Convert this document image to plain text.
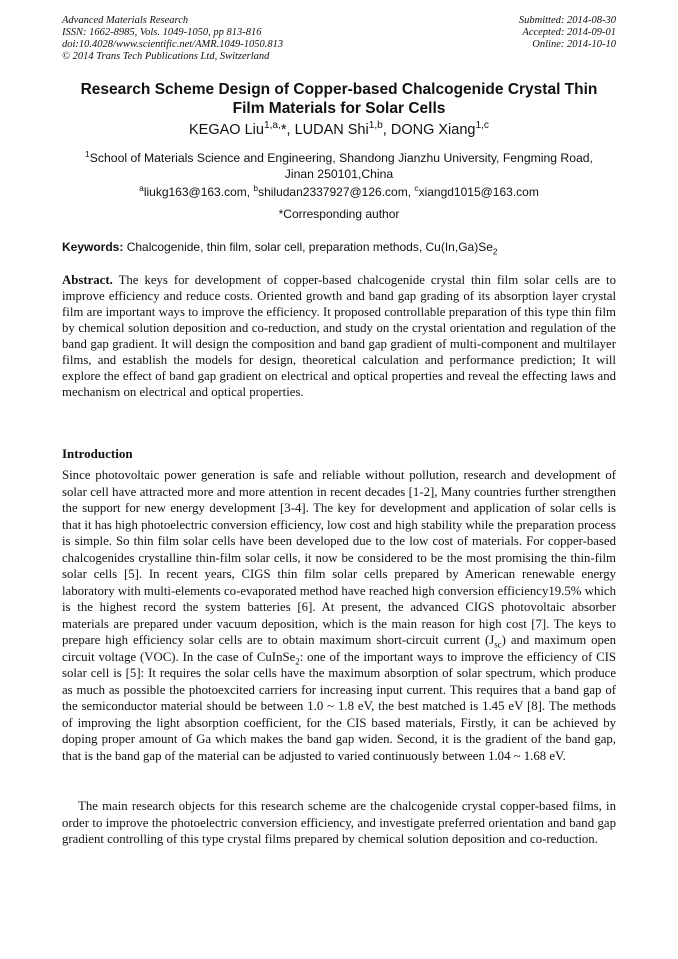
Advanced Materials Research
ISSN: 1662-8985, Vols. 1049-1050, pp 813-816
doi:10.4028/www.scientific.net/AMR.1049-1050.813
© 2014 Trans Tech Publications Ltd, Switzerland
Submitted: 2014-08-30
Accepted: 2014-09-01
Online: 2014-10-10
Research Scheme Design of Copper-based Chalcogenide Crystal Thin
Film Materials for Solar Cells
KEGAO Liu$^{1,a,}$*, LUDAN Shi$^{1,b}$, DONG Xiang$^{1,c}$
$^1$School of Materials Science and Engineering, Shandong Jianzhu University, Fengming Road,
Jinan 250101,China
$^a$liukg163@163.com, $^b$shiludan2337927@126.com, $^c$xiangd1015@163.com
*Corresponding author
Keywords: Chalcogenide, thin film, solar cell, preparation methods, $Cu(In,Ga)Se_2$
Abstract. The keys for development of copper-based chalcogenide crystal thin film solar cells are to improve efficiency and reduce costs. Oriented growth and band gap grading of its absorption layer crystal film are important ways to improve the efficiency. It proposed controllable preparation of this type thin film by chemical solution deposition and co-reduction, and study on the crystal orientation and regulation of the band gap gradient. It will design the composition and band gap gradient of multi-component and multilayer films, and establish the models for design, theoretical calculation and performance prediction; It will explore the effect of band gap gradient on electrical and optical properties and reveal the effecting laws and mechanism on electrical and optical properties.
Introduction
Since photovoltaic power generation is safe and reliable without pollution, research and development of solar cell have attracted more and more attention in recent decades [1-2], Many countries further strengthen the support for new energy development [3-4]. The key for development and application of solar cells is that it has high photoelectric conversion efficiency, low cost and high stability while the preparation process is simple. So thin film solar cells have been developed due to the low cost of materials. For copper-based chalcogenides crystalline thin-film solar cells, it now be considered to be the most promising the thin-film solar cells [5]. In recent years, CIGS thin film solar cells prepared by American renewable energy laboratory with multi-elements co-evaporated method have reached high conversion efficiency19.5% which is the highest record the system batteries [6]. At present, the advanced CIGS photovoltaic absorber materials are prepared under vacuum deposition, which is the main reason for high cost [7]. The keys to prepare high efficiency solar cells are to obtain maximum short-circuit current $(J_{sc})$ and maximum open circuit voltage (VOC). In the case of CuInSe$_2$: one of the important ways to improve the efficiency of CIS solar cell is [5]: It requires the solar cells have the maximum absorption of solar spectrum, which produce as much as possible the photoexcited carriers for increasing input current. This requires that a band gap of the semiconductor material should be between 1.0 ~ 1.8 eV, the best matched is 1.45 eV [8]. The methods of improving the light absorption coefficient, for the CIS based materials, Firstly, it can be achieved by doping proper amount of Ga which makes the band gap widen. Second, it is the gradient of the band gap, that is the band gap of the material can be adjusted to varied continuously between 1.04 ~ 1.68 eV.
The main research objects for this research scheme are the chalcogenide crystal copper-based films, in order to improve the photoelectric conversion efficiency, and investigate preferred orientation and band gap gradient controlling of this type crystal films prepared by chemical solution deposition and co-reduction.
